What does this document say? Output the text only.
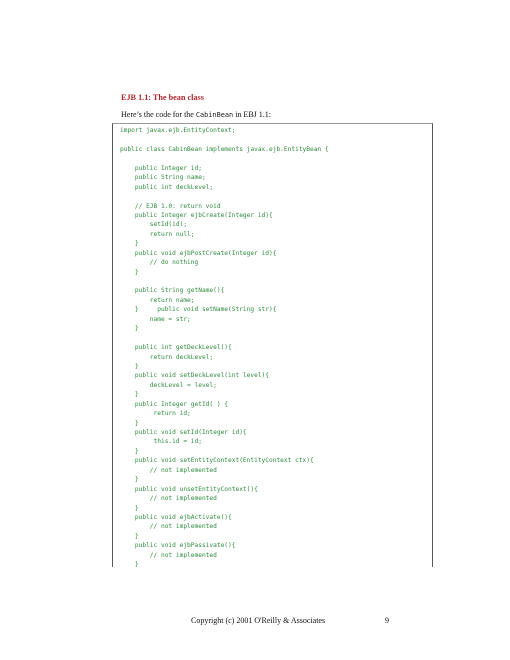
EJB 1.1: The bean class
Here’s the code for the CabinBean in EBJ 1.1:
import javax.ejb.EntityContext;
public class CabinBean implements javax.ejb.EntityBean {
public Integer id;
public String name;
public int deckLevel;
// EJB 1.0: return void
public Integer ejbCreate(Integer id){
setId(id);
return null;
}
public void ejbPostCreate(Integer id){
// do nothing
}
public String getName(){
return name;
}     public void setName(String str){
name = str;
}
public int getDeckLevel(){
return deckLevel;
}
public void setDeckLevel(int level){
deckLevel = level;
}
public Integer getId( ) {
return id;
}
public void setId(Integer id){
this.id = id;
}
public void setEntityContext(EntityContext ctx){
// not implemented
}
public void unsetEntityContext(){
// not implemented
}
public void ejbActivate(){
// not implemented
}
public void ejbPassivate(){
// not implemented
}
Copyright (c) 2001 O'Reilly & Associates	9
